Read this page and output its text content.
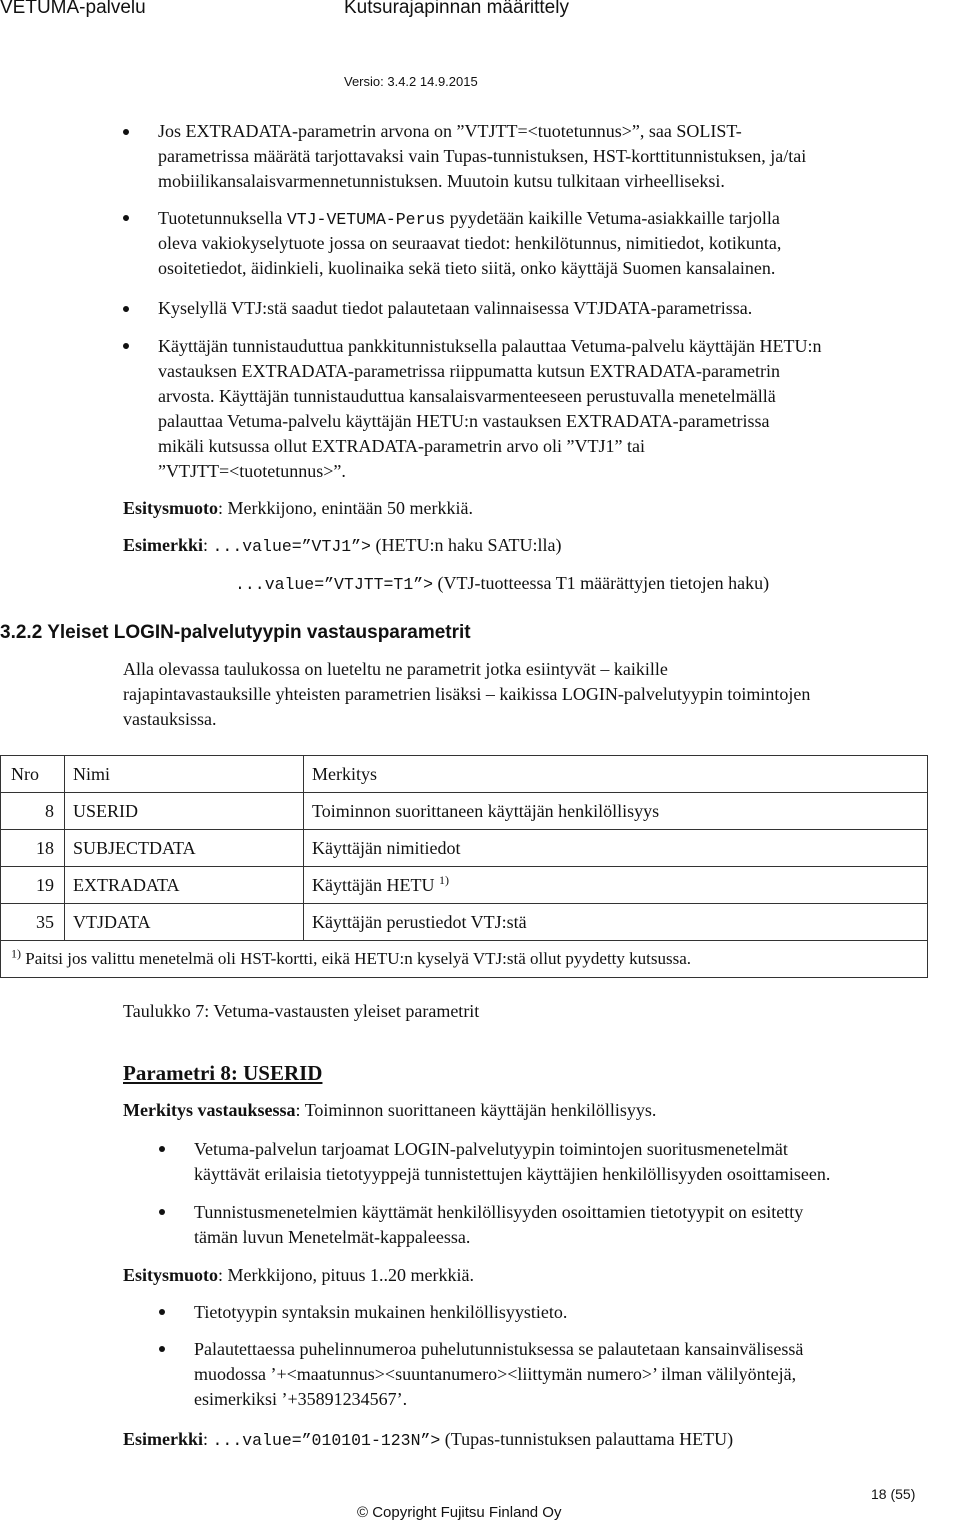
VETUMA-palvelu	Kutsurajapinnan määrittely
Versio: 3.4.2 14.9.2015
Jos EXTRADATA-parametrin arvona on ”VTJTT=<tuotetunnus>”, saa SOLIST-
parametrissa määrätä tarjottavaksi vain Tupas-tunnistuksen, HST-korttitunnistuksen, ja/tai
mobiilikansalaisvarmennetunnistuksen. Muutoin kutsu tulkitaan virheelliseksi.
Tuotetunnuksella VTJ-VETUMA-Perus pyydetään kaikille Vetuma-asiakkaille tarjolla
oleva vakiokyselytuote jossa on seuraavat tiedot: henkilötunnus, nimitiedot, kotikunta,
osoitetiedot, äidinkieli, kuolinaika sekä tieto siitä, onko käyttäjä Suomen kansalainen.
Kyselyllä VTJ:stä saadut tiedot palautetaan valinnaisessa VTJDATA-parametrissa.
Käyttäjän tunnistauduttua pankkitunnistuksella palauttaa Vetuma-palvelu käyttäjän HETU:n
vastauksen EXTRADATA-parametrissa riippumatta kutsun EXTRADATA-parametrin
arvosta. Käyttäjän tunnistauduttua kansalaisvarmenteeseen perustuvalla menetelmällä
palauttaa Vetuma-palvelu käyttäjän HETU:n vastauksen EXTRADATA-parametrissa
mikäli kutsussa ollut EXTRADATA-parametrin arvo oli ”VTJ1” tai
”VTJTT=<tuotetunnus>”.
Esitysmuoto: Merkkijono, enintään 50 merkkiä.
Esimerkki: ...value=”VTJ1”> (HETU:n haku SATU:lla)
...value=”VTJTT=T1”> (VTJ-tuotteessa T1 määrättyjen tietojen haku)
3.2.2 Yleiset LOGIN-palvelutyypin vastausparametrit
Alla olevassa taulukossa on lueteltu ne parametrit jotka esiintyvät – kaikille
rajapintavastauksille yhteisten parametrien lisäksi – kaikissa LOGIN-palvelutyypin toimintojen
vastauksissa.
Nro	Nimi	Merkitys
8	USERID	Toiminnon suorittaneen käyttäjän henkilöllisyys
18	SUBJECTDATA	Käyttäjän nimitiedot
19	EXTRADATA	Käyttäjän HETU $^{1)}$
35	VTJDATA	Käyttäjän perustiedot VTJ:stä
$^{1)}$ Paitsi jos valittu menetelmä oli HST-kortti, eikä HETU:n kyselyä VTJ:stä ollut pyydetty kutsussa.		
Taulukko 7: Vetuma-vastausten yleiset parametrit
Parametri 8: USERID
Merkitys vastauksessa: Toiminnon suorittaneen käyttäjän henkilöllisyys.
Vetuma-palvelun tarjoamat LOGIN-palvelutyypin toimintojen suoritusmenetelmät
käyttävät erilaisia tietotyyppejä tunnistettujen käyttäjien henkilöllisyyden osoittamiseen.
Tunnistusmenetelmien käyttämät henkilöllisyyden osoittamien tietotyypit on esitetty
tämän luvun Menetelmät-kappaleessa.
Esitysmuoto: Merkkijono, pituus 1..20 merkkiä.
Tietotyypin syntaksin mukainen henkilöllisyystieto.
Palautettaessa puhelinnumeroa puhelutunnistuksessa se palautetaan kansainvälisessä
muodossa ’+<maatunnus><suuntanumero><liittymän numero>’ ilman välilyöntejä,
esimerkiksi ’+35891234567’.
Esimerkki: ...value=”010101-123N”> (Tupas-tunnistuksen palauttama HETU)
18 (55)
© Copyright Fujitsu Finland Oy
